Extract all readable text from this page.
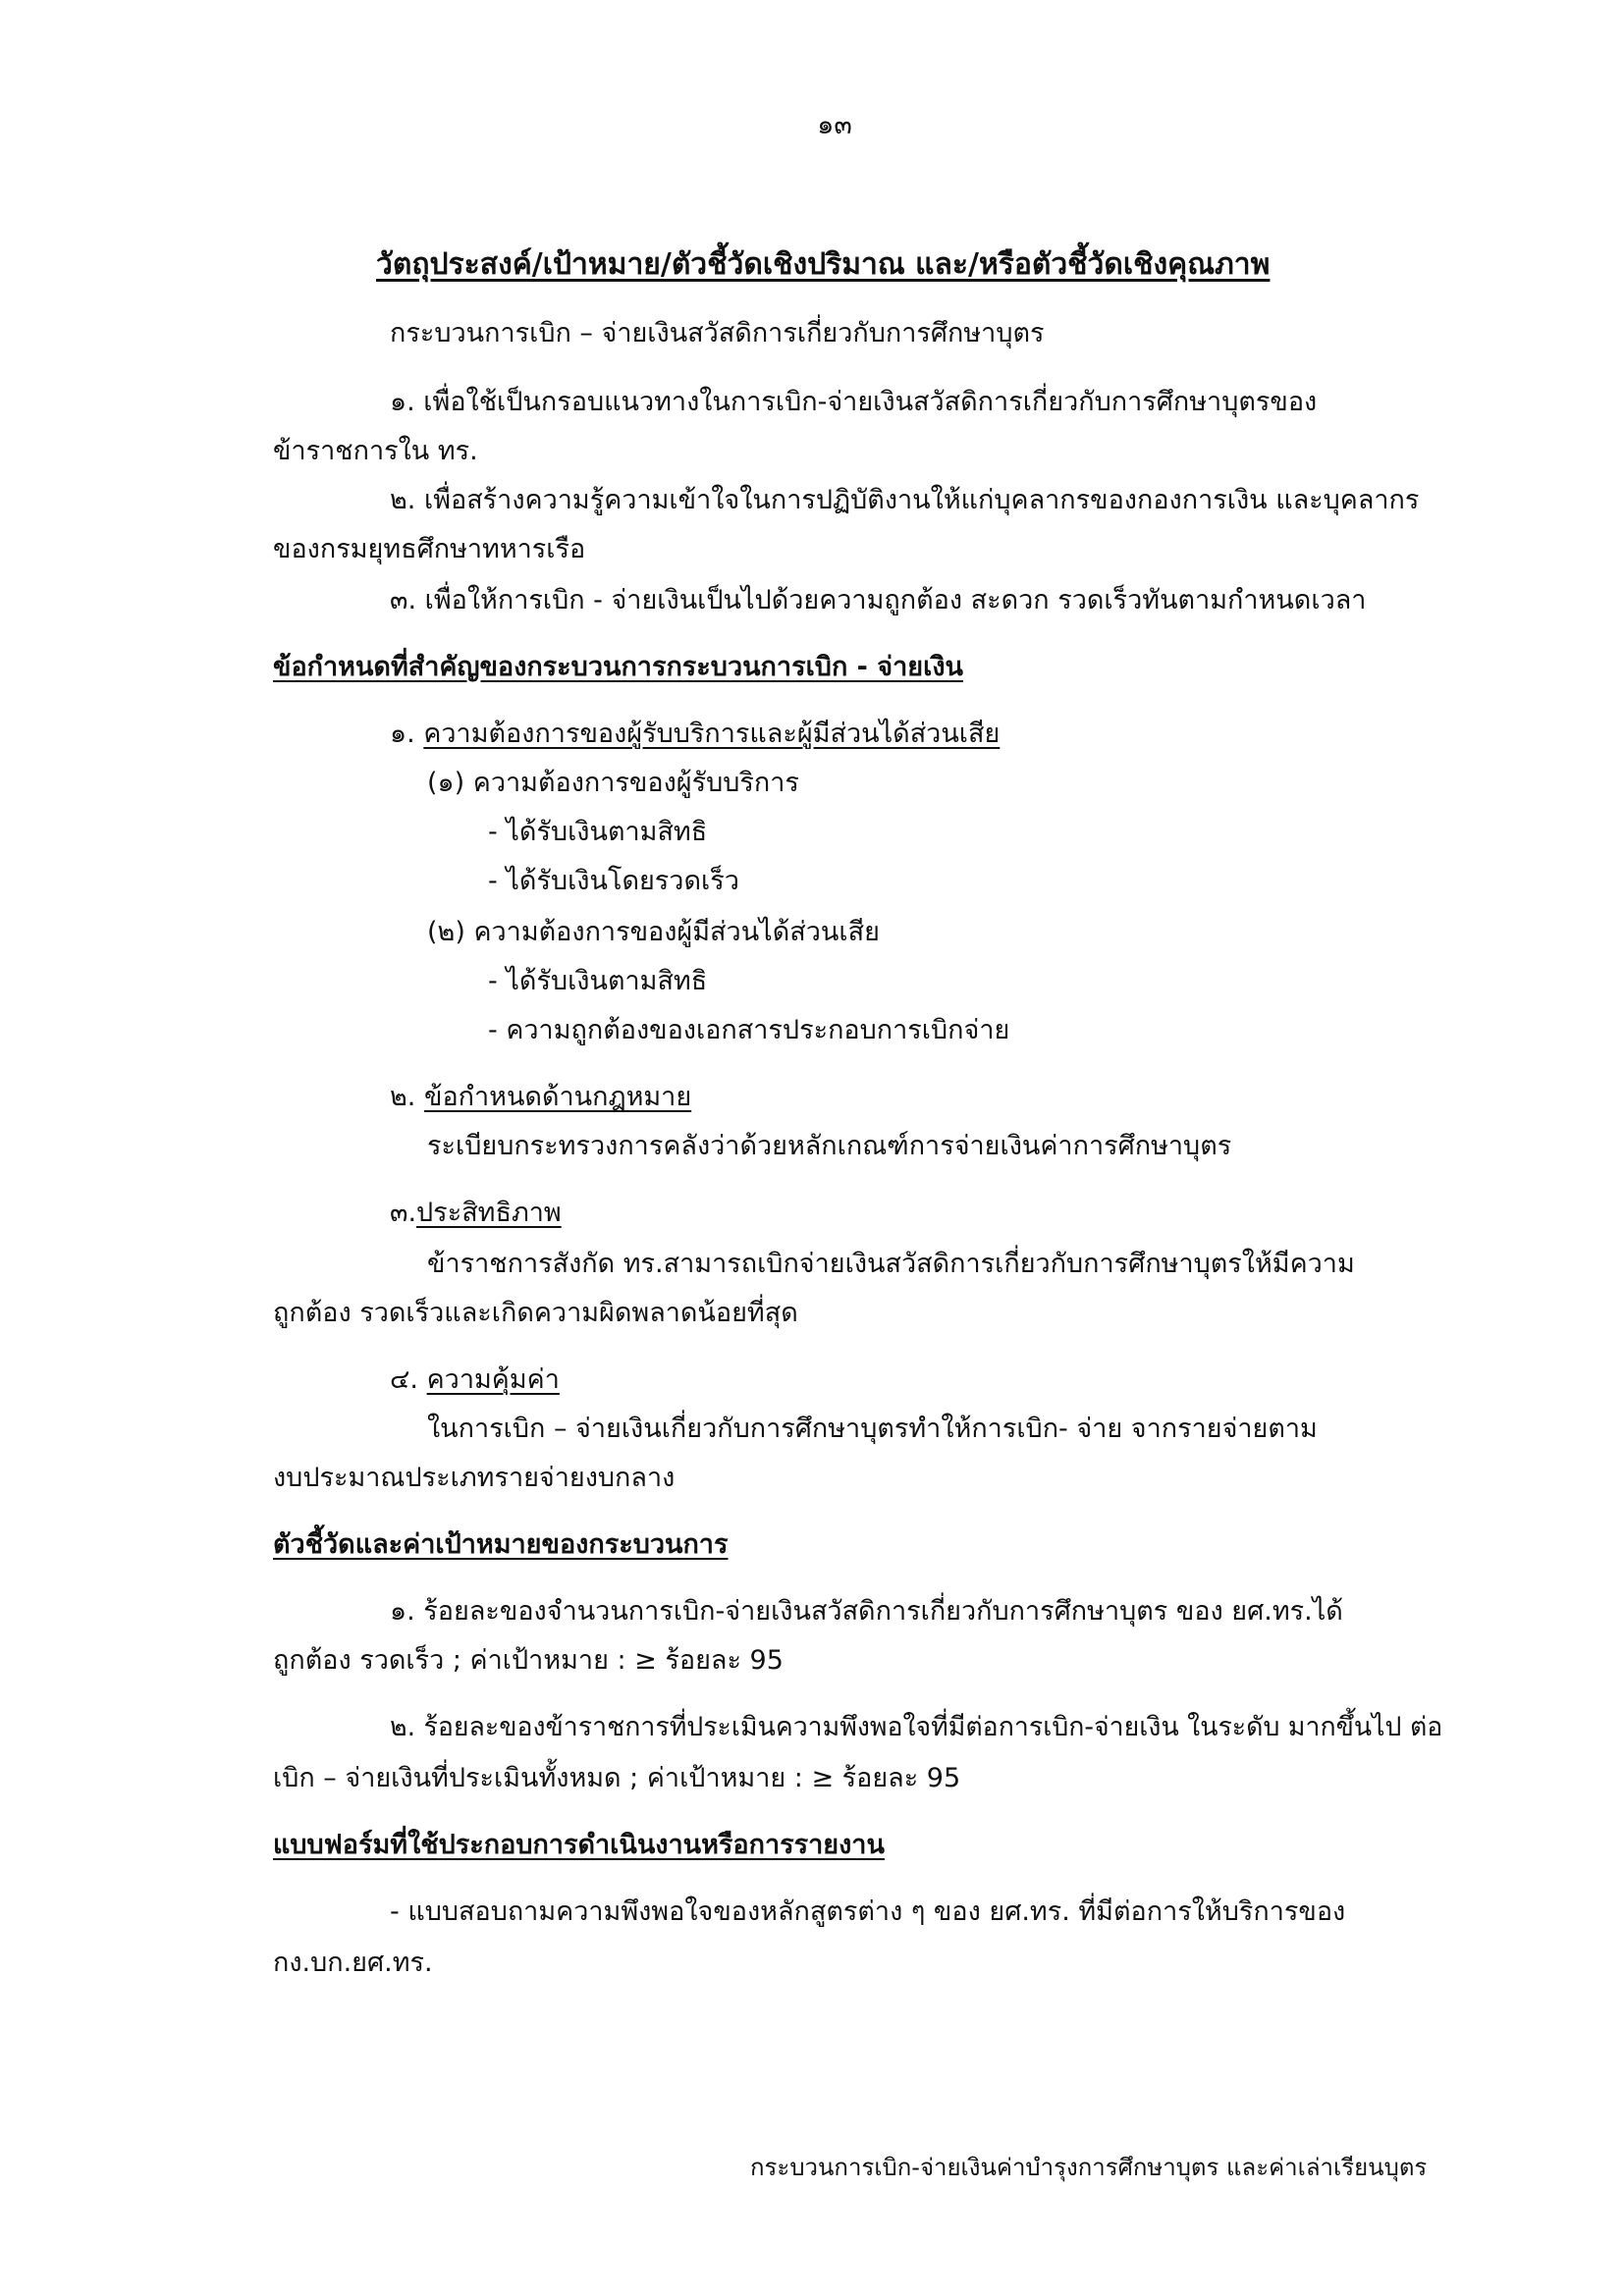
๑๓
วัตถุประสงค์/เป้าหมาย/ตัวชี้วัดเชิงปริมาณ และ/หรือตัวชี้วัดเชิงคุณภาพ
กระบวนการเบิก – จ่ายเงินสวัสดิการเกี่ยวกับการศึกษาบุตร
๑. เพื่อใช้เป็นกรอบแนวทางในการเบิก-จ่ายเงินสวัสดิการเกี่ยวกับการศึกษาบุตรของ
ข้าราชการใน ทร.
๒. เพื่อสร้างความรู้ความเข้าใจในการปฏิบัติงานให้แก่บุคลากรของกองการเงิน และบุคลากร
ของกรมยุทธศึกษาทหารเรือ
๓. เพื่อให้การเบิก - จ่ายเงินเป็นไปด้วยความถูกต้อง สะดวก รวดเร็วทันตามกำหนดเวลา
ข้อกำหนดที่สำคัญของกระบวนการกระบวนการเบิก - จ่ายเงิน
๑. ความต้องการของผู้รับบริการและผู้มีส่วนได้ส่วนเสีย
(๑) ความต้องการของผู้รับบริการ
- ได้รับเงินตามสิทธิ
- ได้รับเงินโดยรวดเร็ว
(๒) ความต้องการของผู้มีส่วนได้ส่วนเสีย
- ได้รับเงินตามสิทธิ
- ความถูกต้องของเอกสารประกอบการเบิกจ่าย
๒. ข้อกำหนดด้านกฎหมาย
ระเบียบกระทรวงการคลังว่าด้วยหลักเกณฑ์การจ่ายเงินค่าการศึกษาบุตร
๓.ประสิทธิภาพ
ข้าราชการสังกัด ทร.สามารถเบิกจ่ายเงินสวัสดิการเกี่ยวกับการศึกษาบุตรให้มีความ
ถูกต้อง รวดเร็วและเกิดความผิดพลาดน้อยที่สุด
๔. ความคุ้มค่า
ในการเบิก – จ่ายเงินเกี่ยวกับการศึกษาบุตรทำให้การเบิก- จ่าย จากรายจ่ายตาม
งบประมาณประเภทรายจ่ายงบกลาง
ตัวชี้วัดและค่าเป้าหมายของกระบวนการ
๑. ร้อยละของจำนวนการเบิก-จ่ายเงินสวัสดิการเกี่ยวกับการศึกษาบุตร ของ ยศ.ทร.ได้
ถูกต้อง รวดเร็ว ; ค่าเป้าหมาย : ≥ ร้อยละ 95
๒. ร้อยละของข้าราชการที่ประเมินความพึงพอใจที่มีต่อการเบิก-จ่ายเงิน ในระดับ มากขึ้นไป ต่อ
เบิก – จ่ายเงินที่ประเมินทั้งหมด ; ค่าเป้าหมาย : ≥ ร้อยละ 95
แบบฟอร์มที่ใช้ประกอบการดำเนินงานหรือการรายงาน
- แบบสอบถามความพึงพอใจของหลักสูตรต่าง ๆ ของ ยศ.ทร. ที่มีต่อการให้บริการของ
กง.บก.ยศ.ทร.
กระบวนการเบิก-จ่ายเงินค่าบำรุงการศึกษาบุตร และค่าเล่าเรียนบุตร
